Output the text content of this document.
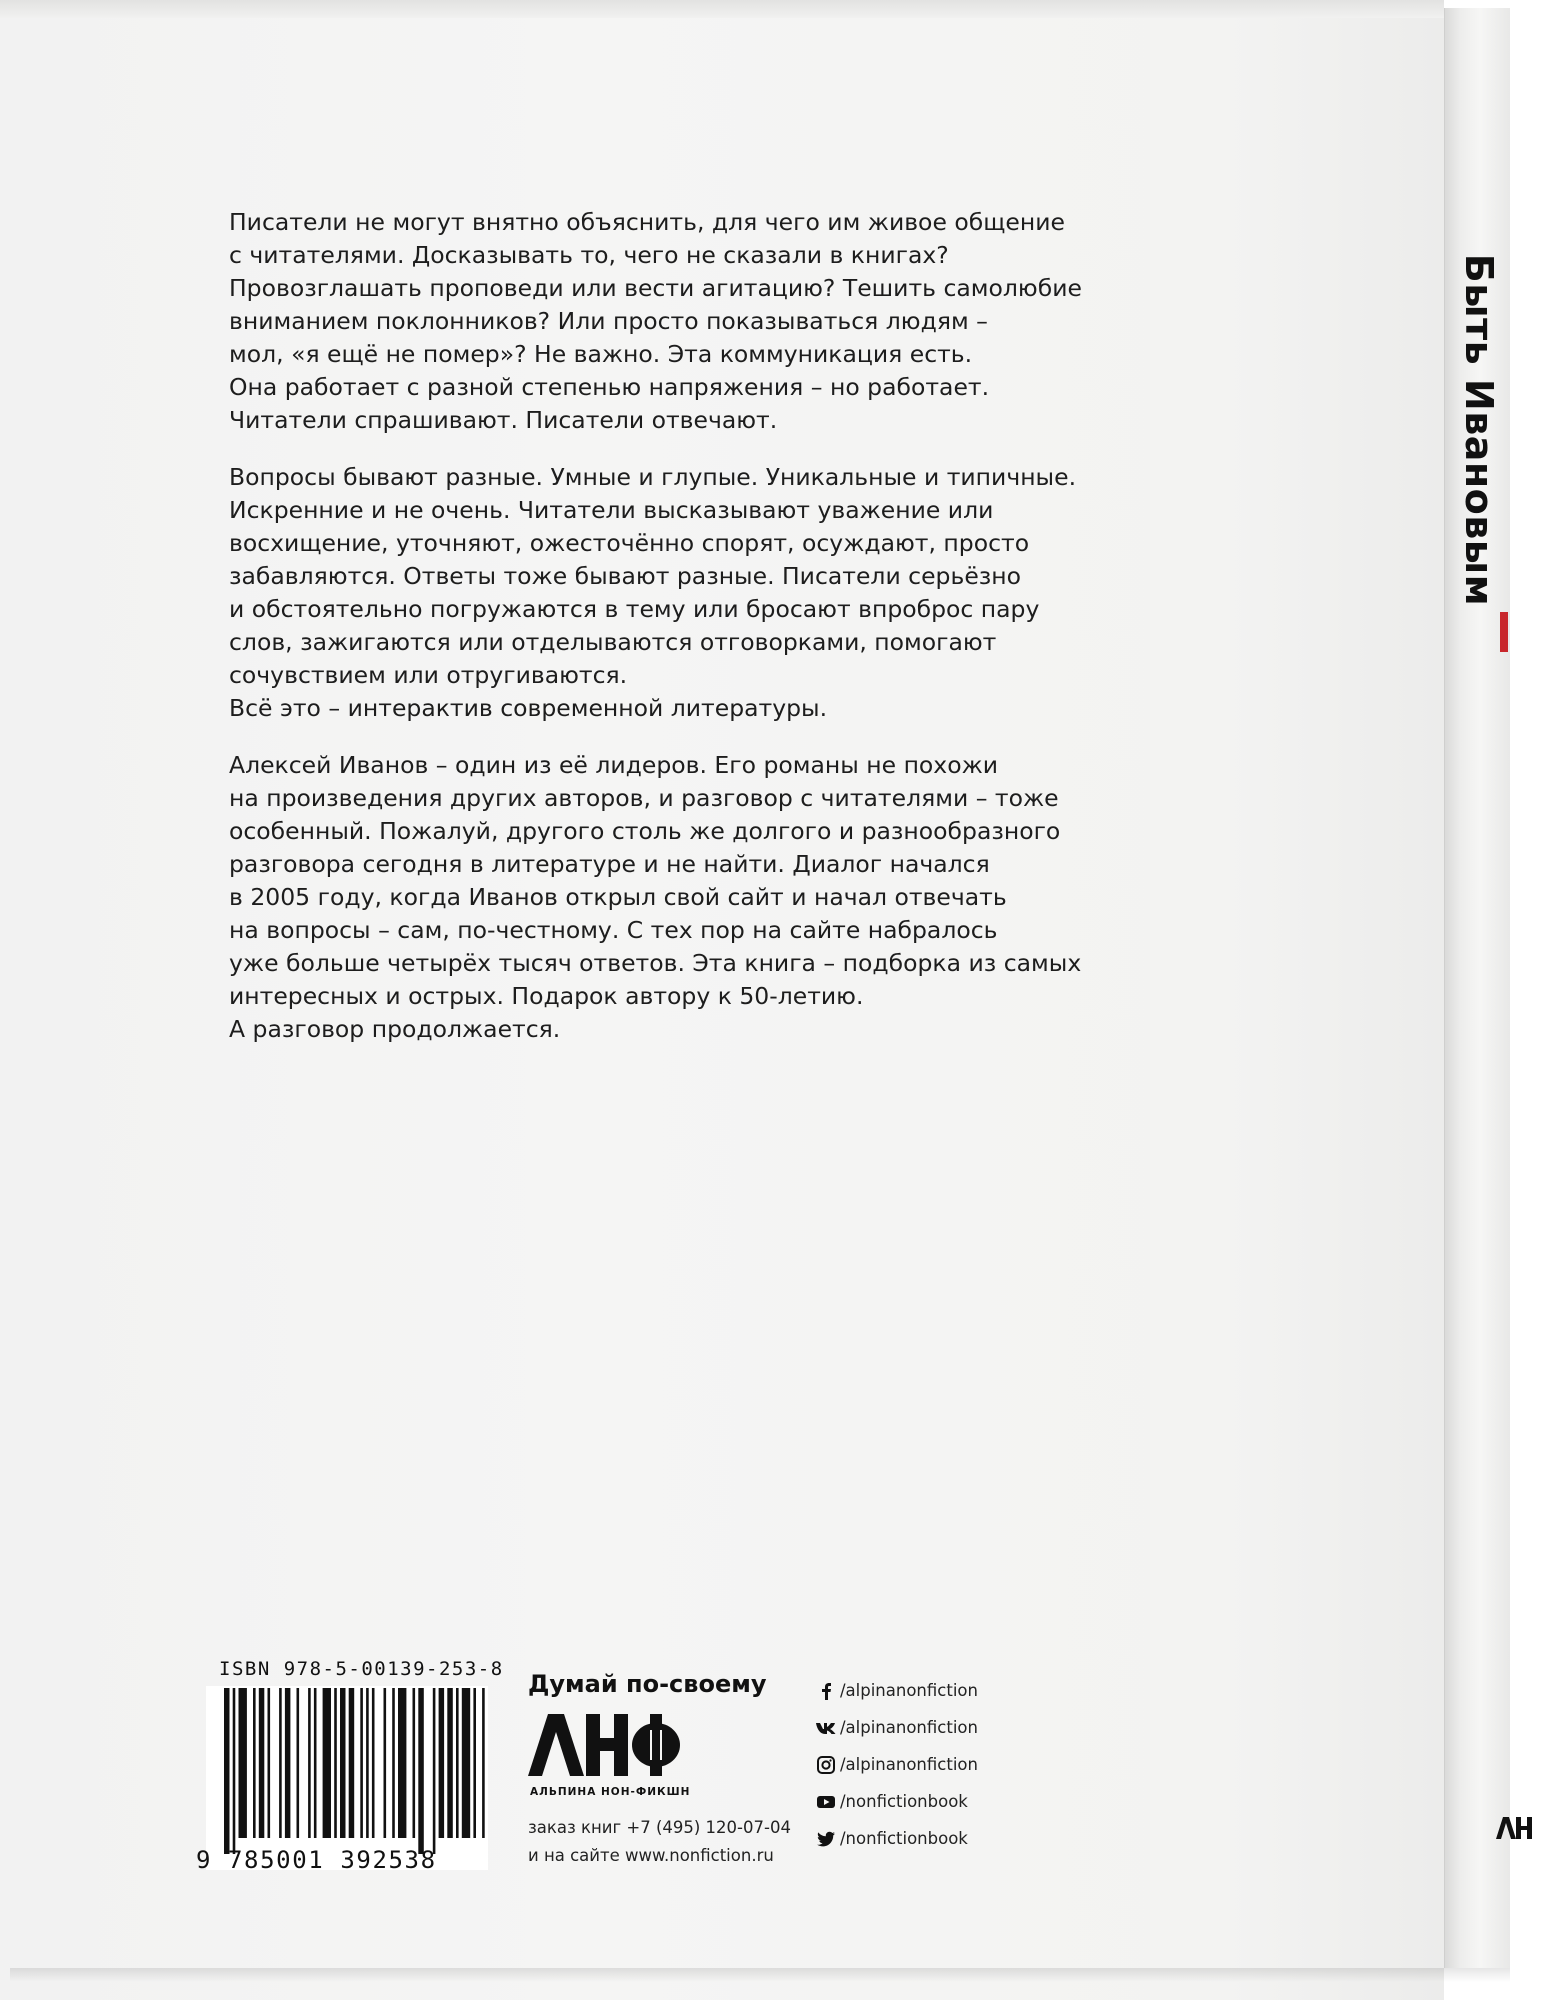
Быть Ивановым

Писатели не могут внятно объяснить, для чего им живое общение
с читателями. Досказывать то, чего не сказали в книгах?
Провозглашать проповеди или вести агитацию? Тешить самолюбие
вниманием поклонников? Или просто показываться людям –
мол, «я ещё не помер»? Не важно. Эта коммуникация есть.
Она работает с разной степенью напряжения – но работает.
Читатели спрашивают. Писатели отвечают.

Вопросы бывают разные. Умные и глупые. Уникальные и типичные.
Искренние и не очень. Читатели высказывают уважение или
восхищение, уточняют, ожесточённо спорят, осуждают, просто
забавляются. Ответы тоже бывают разные. Писатели серьёзно
и обстоятельно погружаются в тему или бросают впроброс пару
слов, зажигаются или отделываются отговорками, помогают
сочувствием или отругиваются.
Всё это – интерактив современной литературы.

Алексей Иванов – один из её лидеров. Его романы не похожи
на произведения других авторов, и разговор с читателями – тоже
особенный. Пожалуй, другого столь же долгого и разнообразного
разговора сегодня в литературе и не найти. Диалог начался
в 2005 году, когда Иванов открыл свой сайт и начал отвечать
на вопросы – сам, по-честному. С тех пор на сайте набралось
уже больше четырёх тысяч ответов. Эта книга – подборка из самых
интересных и острых. Подарок автору к 50-летию.
А разговор продолжается.

ISBN 978-5-00139-253-8
9 785001 392538
Думай по-своему
АЛЬПИНА НОН-ФИКШН
заказ книг +7 (495) 120-07-04
и на сайте www.nonfiction.ru
/alpinanonfiction
/alpinanonfiction
/alpinanonfiction
/nonfictionbook
/nonfictionbook
